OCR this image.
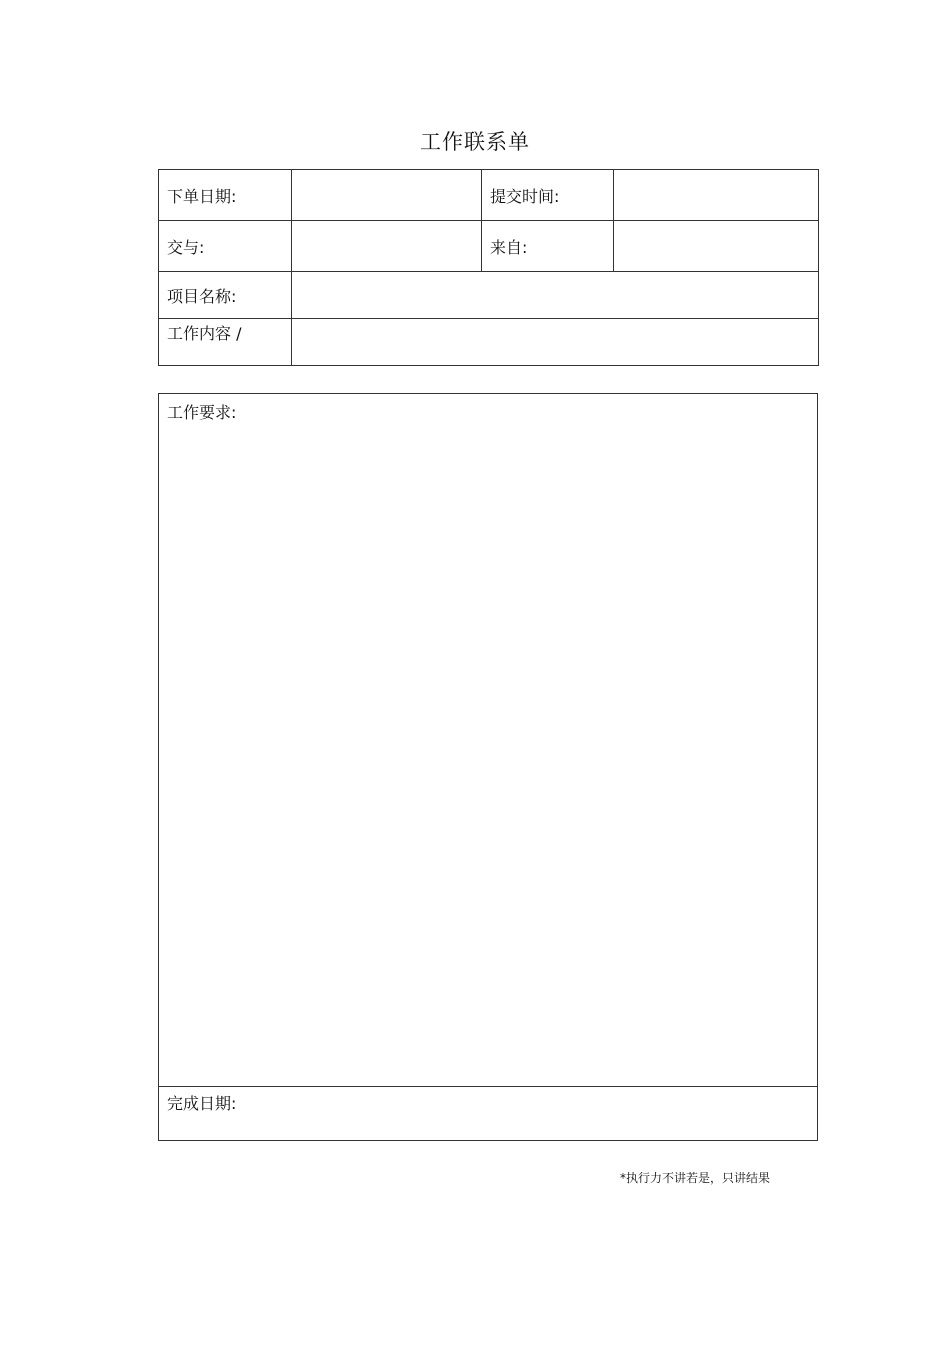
工作联系单
下单日期:		提交时间:	
交与:		来自:	
项目名称:			
工作内容 /			
工作要求:
完成日期:
*执行力不讲若是，只讲结果
